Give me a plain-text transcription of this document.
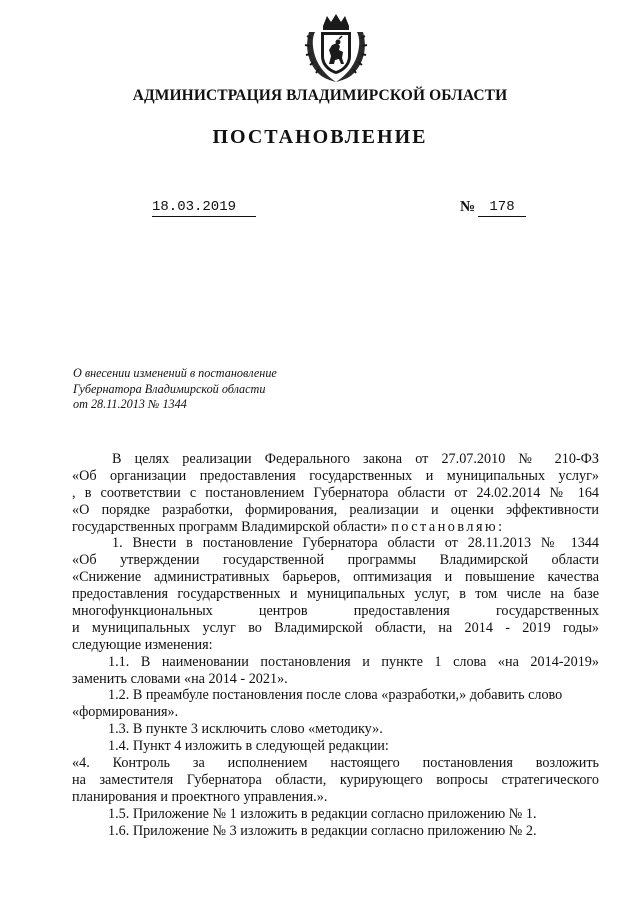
АДМИНИСТРАЦИЯ ВЛАДИМИРСКОЙ ОБЛАСТИ
ПОСТАНОВЛЕНИЕ
18.03.2019	№	178
О внесении изменений в постановление
Губернатора Владимирской области
от 28.11.2013 № 1344
В целях реализации Федерального закона от 27.07.2010 № 210-ФЗ
«Об организации предоставления государственных и муниципальных услуг»
, в соответствии с постановлением Губернатора области от 24.02.2014 № 164
«О порядке разработки, формирования, реализации и оценки эффективности
государственных программ Владимирской области» постановляю:
1. Внести в постановление Губернатора области от 28.11.2013 № 1344
«Об утверждении государственной программы Владимирской области
«Снижение административных барьеров, оптимизация и повышение качества
предоставления государственных и муниципальных услуг, в том числе на базе
многофункциональных центров предоставления государственных
и муниципальных услуг во Владимирской области, на 2014 - 2019 годы»
следующие изменения:
1.1. В наименовании постановления и пункте 1 слова «на 2014-2019»
заменить словами «на 2014 - 2021».
1.2. В преамбуле постановления после слова «разработки,» добавить слово
«формирования».
1.3. В пункте 3 исключить слово «методику».
1.4. Пункт 4 изложить в следующей редакции:
«4. Контроль за исполнением настоящего постановления возложить
на заместителя Губернатора области, курирующего вопросы стратегического
планирования и проектного управления.».
1.5. Приложение № 1 изложить в редакции согласно приложению № 1.
1.6. Приложение № 3 изложить в редакции согласно приложению № 2.
